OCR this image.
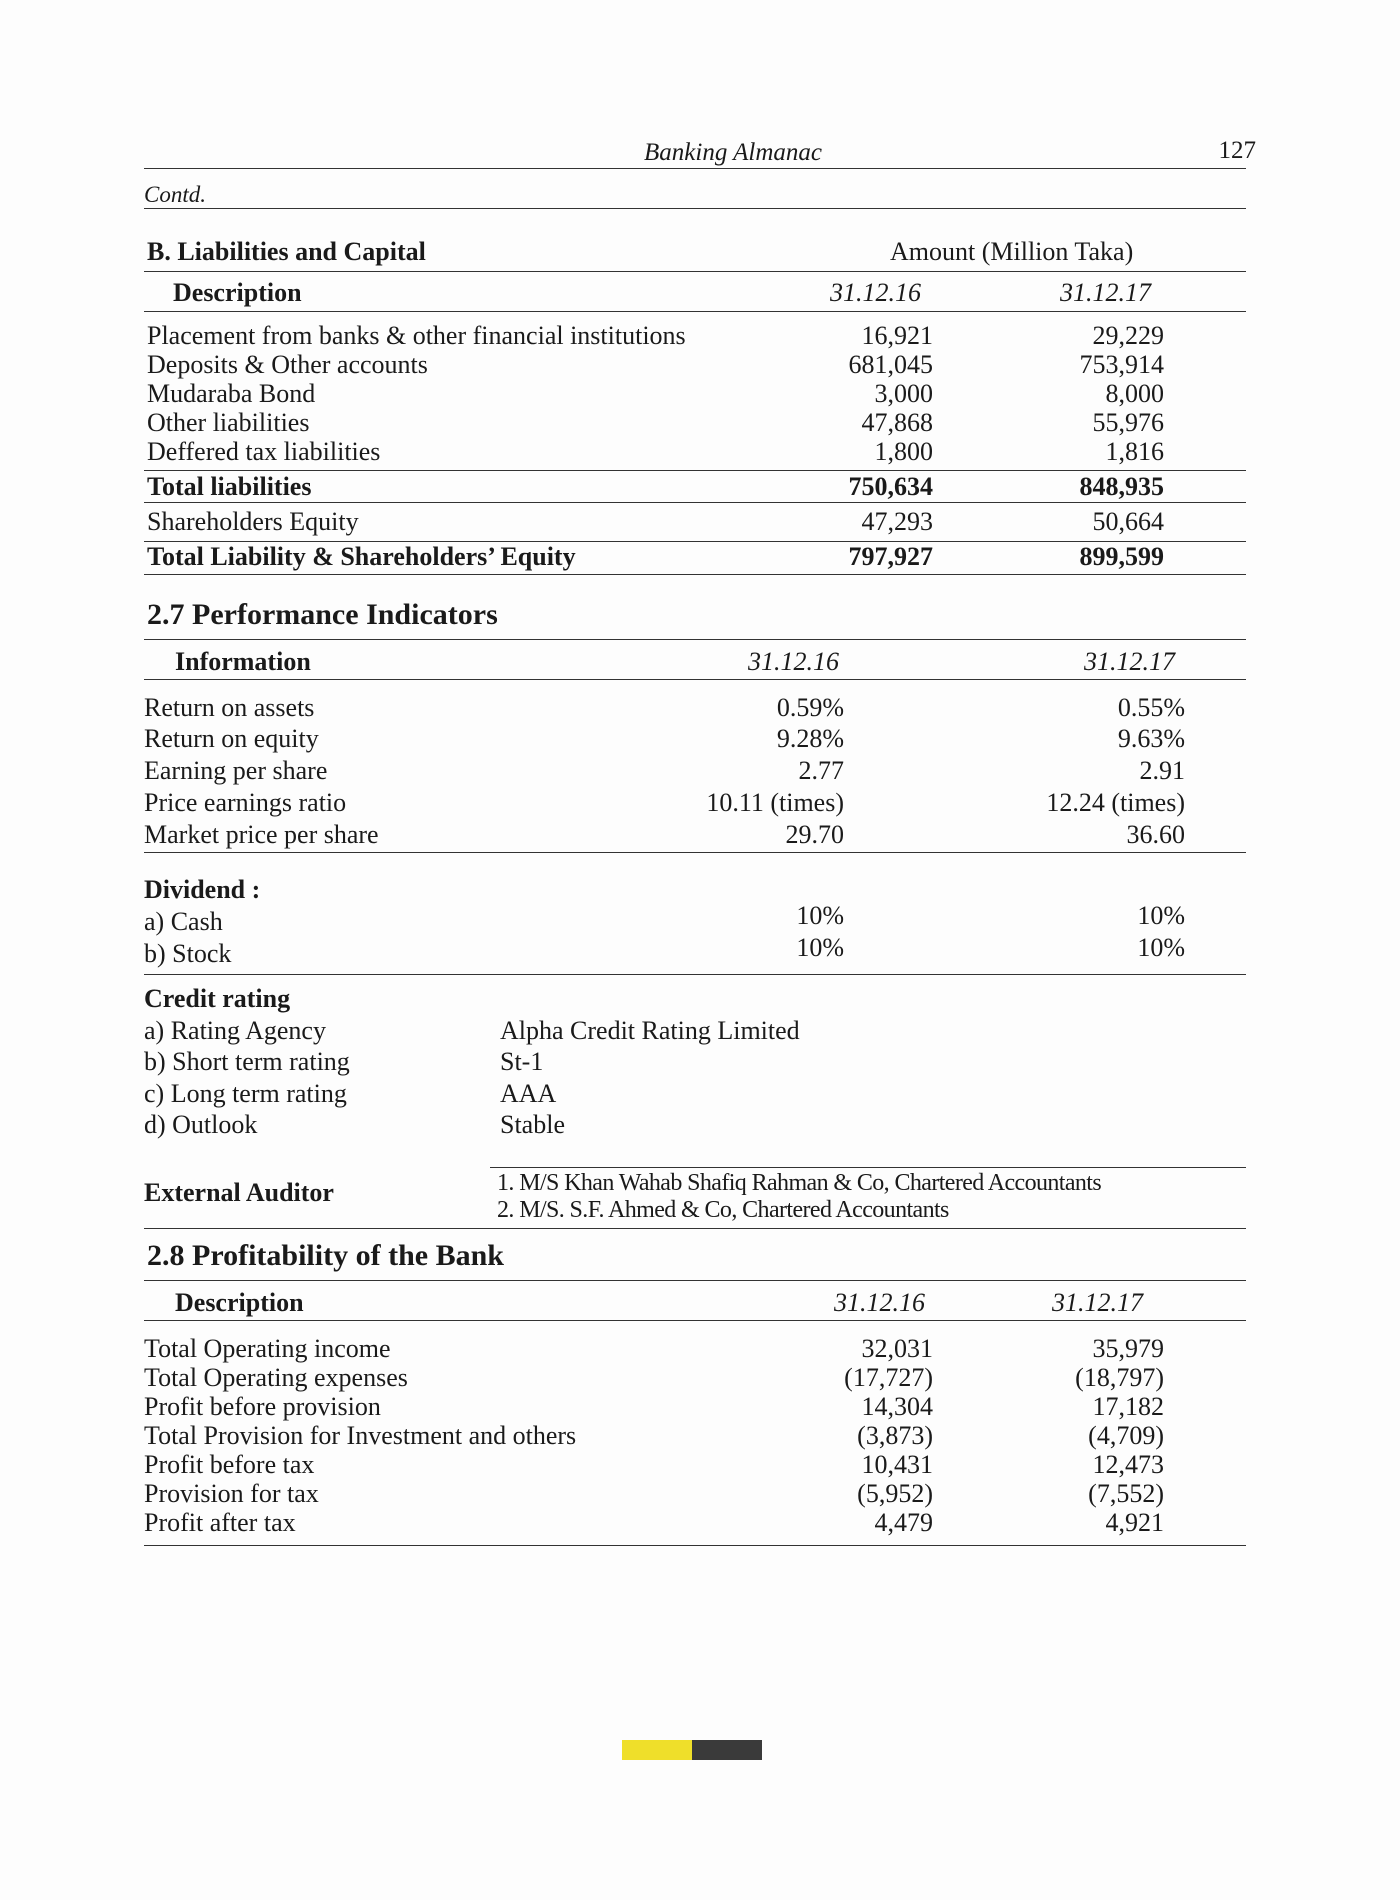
Banking Almanac	127
Contd.
B. Liabilities and Capital	Amount (Million Taka)
Description	31.12.16	31.12.17
Placement from banks & other financial institutions	16,921	29,229
Deposits & Other accounts	681,045	753,914
Mudaraba Bond	3,000	8,000
Other liabilities	47,868	55,976
Deffered tax liabilities	1,800	1,816
Total liabilities	750,634	848,935
Shareholders Equity	47,293	50,664
Total Liability & Shareholders’ Equity	797,927	899,599
2.7 Performance Indicators
Information	31.12.16	31.12.17
Return on assets	0.59%	0.55%
Return on equity	9.28%	9.63%
Earning per share	2.77	2.91
Price earnings ratio	10.11 (times)	12.24 (times)
Market price per share	29.70	36.60
Dividend :
a) Cash	10%	10%
b) Stock	10%	10%
Credit rating
a) Rating Agency	Alpha Credit Rating Limited
b) Short term rating	St-1
c) Long term rating	AAA
d) Outlook	Stable
External Auditor	1. M/S Khan Wahab Shafiq Rahman & Co, Chartered Accountants
2. M/S. S.F. Ahmed & Co, Chartered Accountants
2.8 Profitability of the Bank
Description	31.12.16	31.12.17
Total Operating income	32,031	35,979
Total Operating expenses	(17,727)	(18,797)
Profit before provision	14,304	17,182
Total Provision for Investment and others	(3,873)	(4,709)
Profit before tax	10,431	12,473
Provision for tax	(5,952)	(7,552)
Profit after tax	4,479	4,921
